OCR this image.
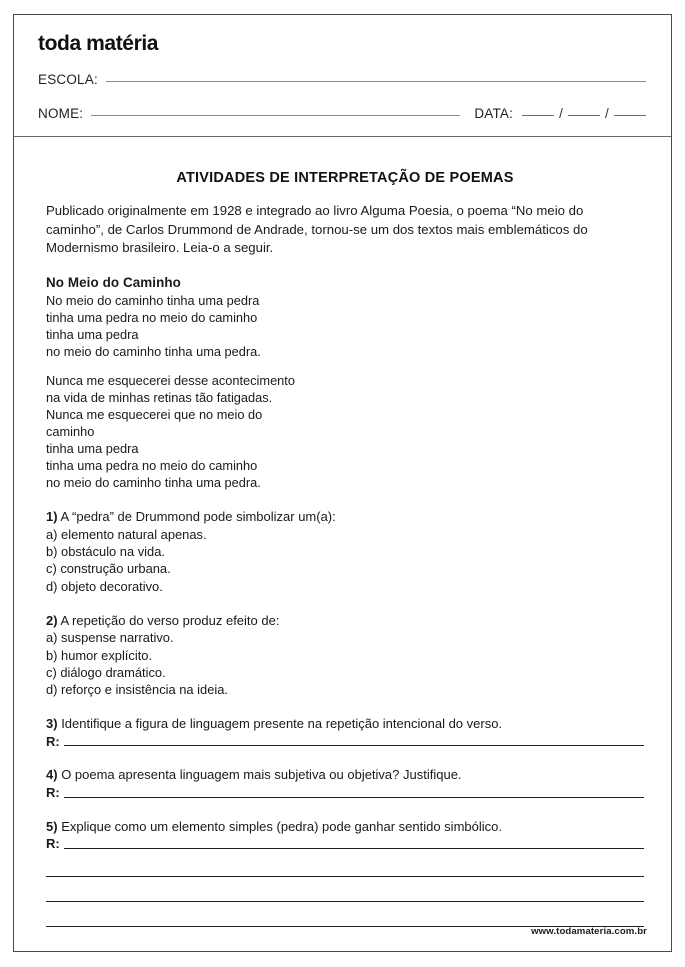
toda matéria
ESCOLA:
NOME:	DATA:	/	/
ATIVIDADES DE INTERPRETAÇÃO DE POEMAS

Publicado originalmente em 1928 e integrado ao livro Alguma Poesia, o poema “No meio do caminho”, de Carlos Drummond de Andrade, tornou-se um dos textos mais emblemáticos do Modernismo brasileiro. Leia-o a seguir.

No Meio do Caminho
No meio do caminho tinha uma pedra
tinha uma pedra no meio do caminho
tinha uma pedra
no meio do caminho tinha uma pedra.
Nunca me esquecerei desse acontecimento
na vida de minhas retinas tão fatigadas.
Nunca me esquecerei que no meio do
caminho
tinha uma pedra
tinha uma pedra no meio do caminho
no meio do caminho tinha uma pedra.

1) A “pedra” de Drummond pode simbolizar um(a):

a) elemento natural apenas.

b) obstáculo na vida.

c) construção urbana.

d) objeto decorativo.

2) A repetição do verso produz efeito de:

a) suspense narrativo.

b) humor explícito.

c) diálogo dramático.

d) reforço e insistência na ideia.

3) Identifique a figura de linguagem presente na repetição intencional do verso.

R:

4) O poema apresenta linguagem mais subjetiva ou objetiva? Justifique.

R:

5) Explique como um elemento simples (pedra) pode ganhar sentido simbólico.

R:
www.todamateria.com.br
